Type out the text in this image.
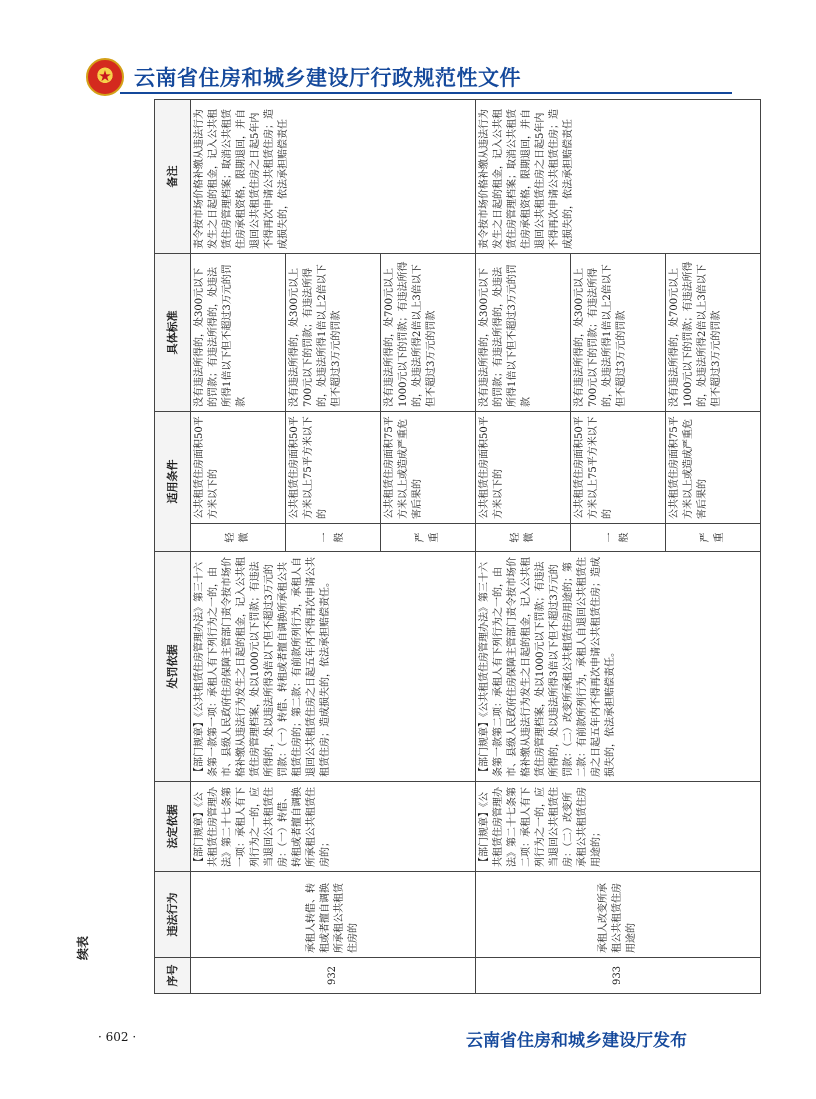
★
云南省住房和城乡建设厅行政规范性文件
续表
序号	违法行为	法定依据	处罚依据	适用条件		具体标准	备注
932	承租人转借、转租或者擅自调换所承租公共租赁住房的	【部门规章】《公共租赁住房管理办法》第二十七条第一项：承租人有下列行为之一的，应当退回公共租赁住房：（一）转借、转租或者擅自调换所承租公共租赁住房的；	【部门规章】《公共租赁住房管理办法》第三十六条第一款第一项：承租人有下列行为之一的，由市、县级人民政府住房保障主管部门责令按市场价格补缴从违法行为发生之日起的租金，记入公共租赁住房管理档案，处以1000元以下罚款；有违法所得的，处以违法所得3倍以下但不超过3万元的罚款：（一）转借、转租或者擅自调换所承租公共租赁住房的；第二款：有前款所列行为，承租人自退回公共租赁住房之日起五年内不得再次申请公共租赁住房；造成损失的，依法承担赔偿责任。	轻微	公共租赁住房面积50平方米以下的	没有违法所得的，处300元以下的罚款；有违法所得的，处违法所得1倍以下但不超过3万元的罚款	责令按市场价格补缴从违法行为发生之日起的租金，记入公共租赁住房管理档案；取消公共租赁住房承租资格，限期退回，并自退回公共租赁住房之日起5年内不得再次申请公共租赁住房；造成损失的，依法承担赔偿责任
				一般	公共租赁住房面积50平方米以上75平方米以下的	没有违法所得的，处300元以上700元以下的罚款；有违法所得的，处违法所得1倍以上2倍以下但不超过3万元的罚款	
				严重	公共租赁住房面积75平方米以上或造成严重危害后果的	没有违法所得的，处700元以上1000元以下的罚款；有违法所得的，处违法所得2倍以上3倍以下但不超过3万元的罚款	
933	承租人改变所承租公共租赁住房用途的	【部门规章】《公共租赁住房管理办法》第二十七条第二项：承租人有下列行为之一的，应当退回公共租赁住房：（二）改变所承租公共租赁住房用途的；	【部门规章】《公共租赁住房管理办法》第三十六条第一款第二项：承租人有下列行为之一的，由市、县级人民政府住房保障主管部门责令按市场价格补缴从违法行为发生之日起的租金，记入公共租赁住房管理档案，处以1000元以下罚款；有违法所得的，处以违法所得3倍以下但不超过3万元的罚款：（二）改变所承租公共租赁住房用途的；第二款：有前款所列行为，承租人自退回公共租赁住房之日起五年内不得再次申请公共租赁住房；造成损失的，依法承担赔偿责任。	轻微	公共租赁住房面积50平方米以下的	没有违法所得的，处300元以下的罚款；有违法所得的，处违法所得1倍以下但不超过3万元的罚款	责令按市场价格补缴从违法行为发生之日起的租金，记入公共租赁住房管理档案；取消公共租赁住房承租资格，限期退回，并自退回公共租赁住房之日起5年内不得再次申请公共租赁住房；造成损失的，依法承担赔偿责任
				一般	公共租赁住房面积50平方米以上75平方米以下的	没有违法所得的，处300元以上700元以下的罚款；有违法所得的，处违法所得1倍以上2倍以下但不超过3万元的罚款	
				严重	公共租赁住房面积75平方米以上或造成严重危害后果的	没有违法所得的，处700元以上1000元以下的罚款；有违法所得的，处违法所得2倍以上3倍以下但不超过3万元的罚款	
· 602 ·	云南省住房和城乡建设厅发布
